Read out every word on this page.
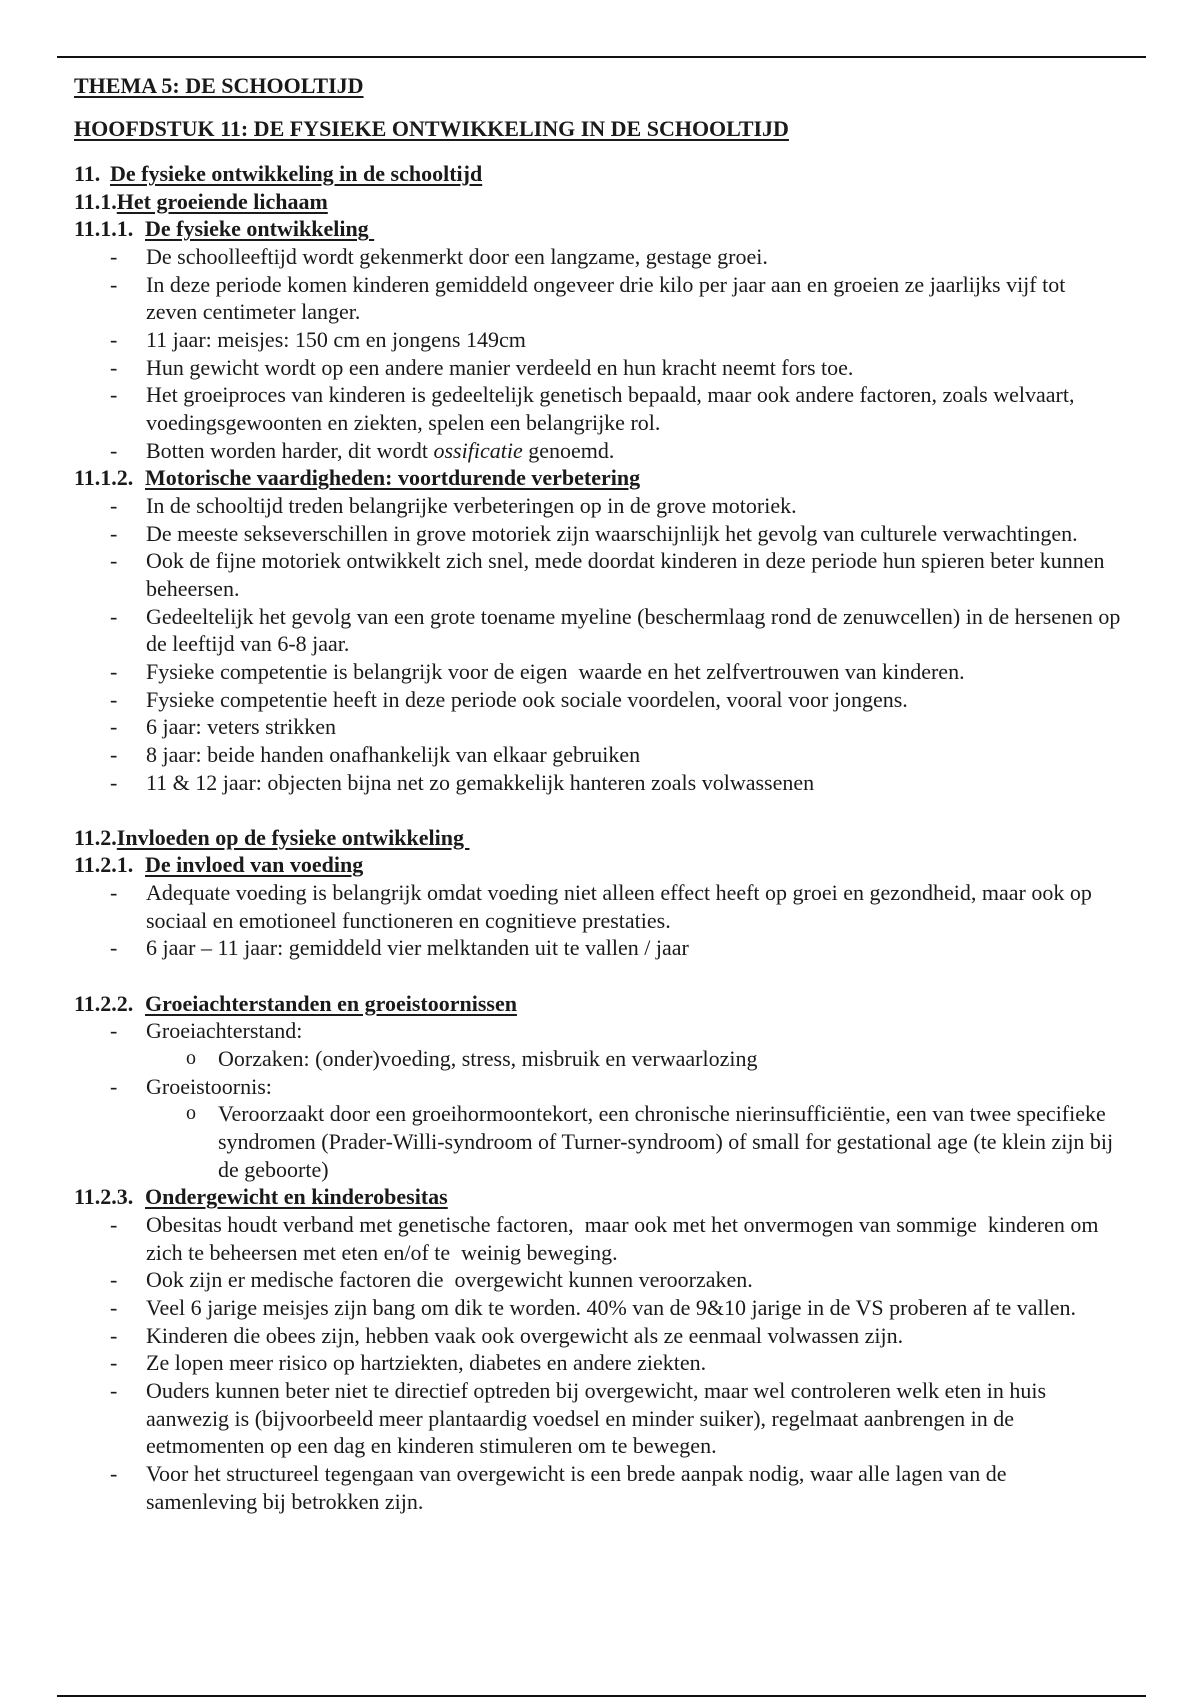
THEMA 5: DE SCHOOLTIJD
HOOFDSTUK 11: DE FYSIEKE ONTWIKKELING IN DE SCHOOLTIJD
11. De fysieke ontwikkeling in de schooltijd
11.1.Het groeiende lichaam
11.1.1. De fysieke ontwikkeling
- De schoolleeftijd wordt gekenmerkt door een langzame, gestage groei.
- In deze periode komen kinderen gemiddeld ongeveer drie kilo per jaar aan en groeien ze jaarlijks vijf tot
zeven centimeter langer.
- 11 jaar: meisjes: 150 cm en jongens 149cm
- Hun gewicht wordt op een andere manier verdeeld en hun kracht neemt fors toe.
- Het groeiproces van kinderen is gedeeltelijk genetisch bepaald, maar ook andere factoren, zoals welvaart,
voedingsgewoonten en ziekten, spelen een belangrijke rol.
- Botten worden harder, dit wordt ossificatie genoemd.
11.1.2. Motorische vaardigheden: voortdurende verbetering
- In de schooltijd treden belangrijke verbeteringen op in de grove motoriek.
- De meeste sekseverschillen in grove motoriek zijn waarschijnlijk het gevolg van culturele verwachtingen.
- Ook de fijne motoriek ontwikkelt zich snel, mede doordat kinderen in deze periode hun spieren beter kunnen
beheersen.
- Gedeeltelijk het gevolg van een grote toename myeline (beschermlaag rond de zenuwcellen) in de hersenen op
de leeftijd van 6-8 jaar.
- Fysieke competentie is belangrijk voor de eigen  waarde en het zelfvertrouwen van kinderen.
- Fysieke competentie heeft in deze periode ook sociale voordelen, vooral voor jongens.
- 6 jaar: veters strikken
- 8 jaar: beide handen onafhankelijk van elkaar gebruiken
- 11 & 12 jaar: objecten bijna net zo gemakkelijk hanteren zoals volwassenen
11.2.Invloeden op de fysieke ontwikkeling
11.2.1. De invloed van voeding
- Adequate voeding is belangrijk omdat voeding niet alleen effect heeft op groei en gezondheid, maar ook op
sociaal en emotioneel functioneren en cognitieve prestaties.
- 6 jaar – 11 jaar: gemiddeld vier melktanden uit te vallen / jaar
11.2.2. Groeiachterstanden en groeistoornissen
- Groeiachterstand:
o Oorzaken: (onder)voeding, stress, misbruik en verwaarlozing
- Groeistoornis:
o Veroorzaakt door een groeihormoontekort, een chronische nierinsufficiëntie, een van twee specifieke
syndromen (Prader-Willi-syndroom of Turner-syndroom) of small for gestational age (te klein zijn bij
de geboorte)
11.2.3. Ondergewicht en kinderobesitas
- Obesitas houdt verband met genetische factoren,  maar ook met het onvermogen van sommige  kinderen om
zich te beheersen met eten en/of te  weinig beweging.
- Ook zijn er medische factoren die  overgewicht kunnen veroorzaken.
- Veel 6 jarige meisjes zijn bang om dik te worden. 40% van de 9&10 jarige in de VS proberen af te vallen.
- Kinderen die obees zijn, hebben vaak ook overgewicht als ze eenmaal volwassen zijn.
- Ze lopen meer risico op hartziekten, diabetes en andere ziekten.
- Ouders kunnen beter niet te directief optreden bij overgewicht, maar wel controleren welk eten in huis
aanwezig is (bijvoorbeeld meer plantaardig voedsel en minder suiker), regelmaat aanbrengen in de
eetmomenten op een dag en kinderen stimuleren om te bewegen.
- Voor het structureel tegengaan van overgewicht is een brede aanpak nodig, waar alle lagen van de
samenleving bij betrokken zijn.
